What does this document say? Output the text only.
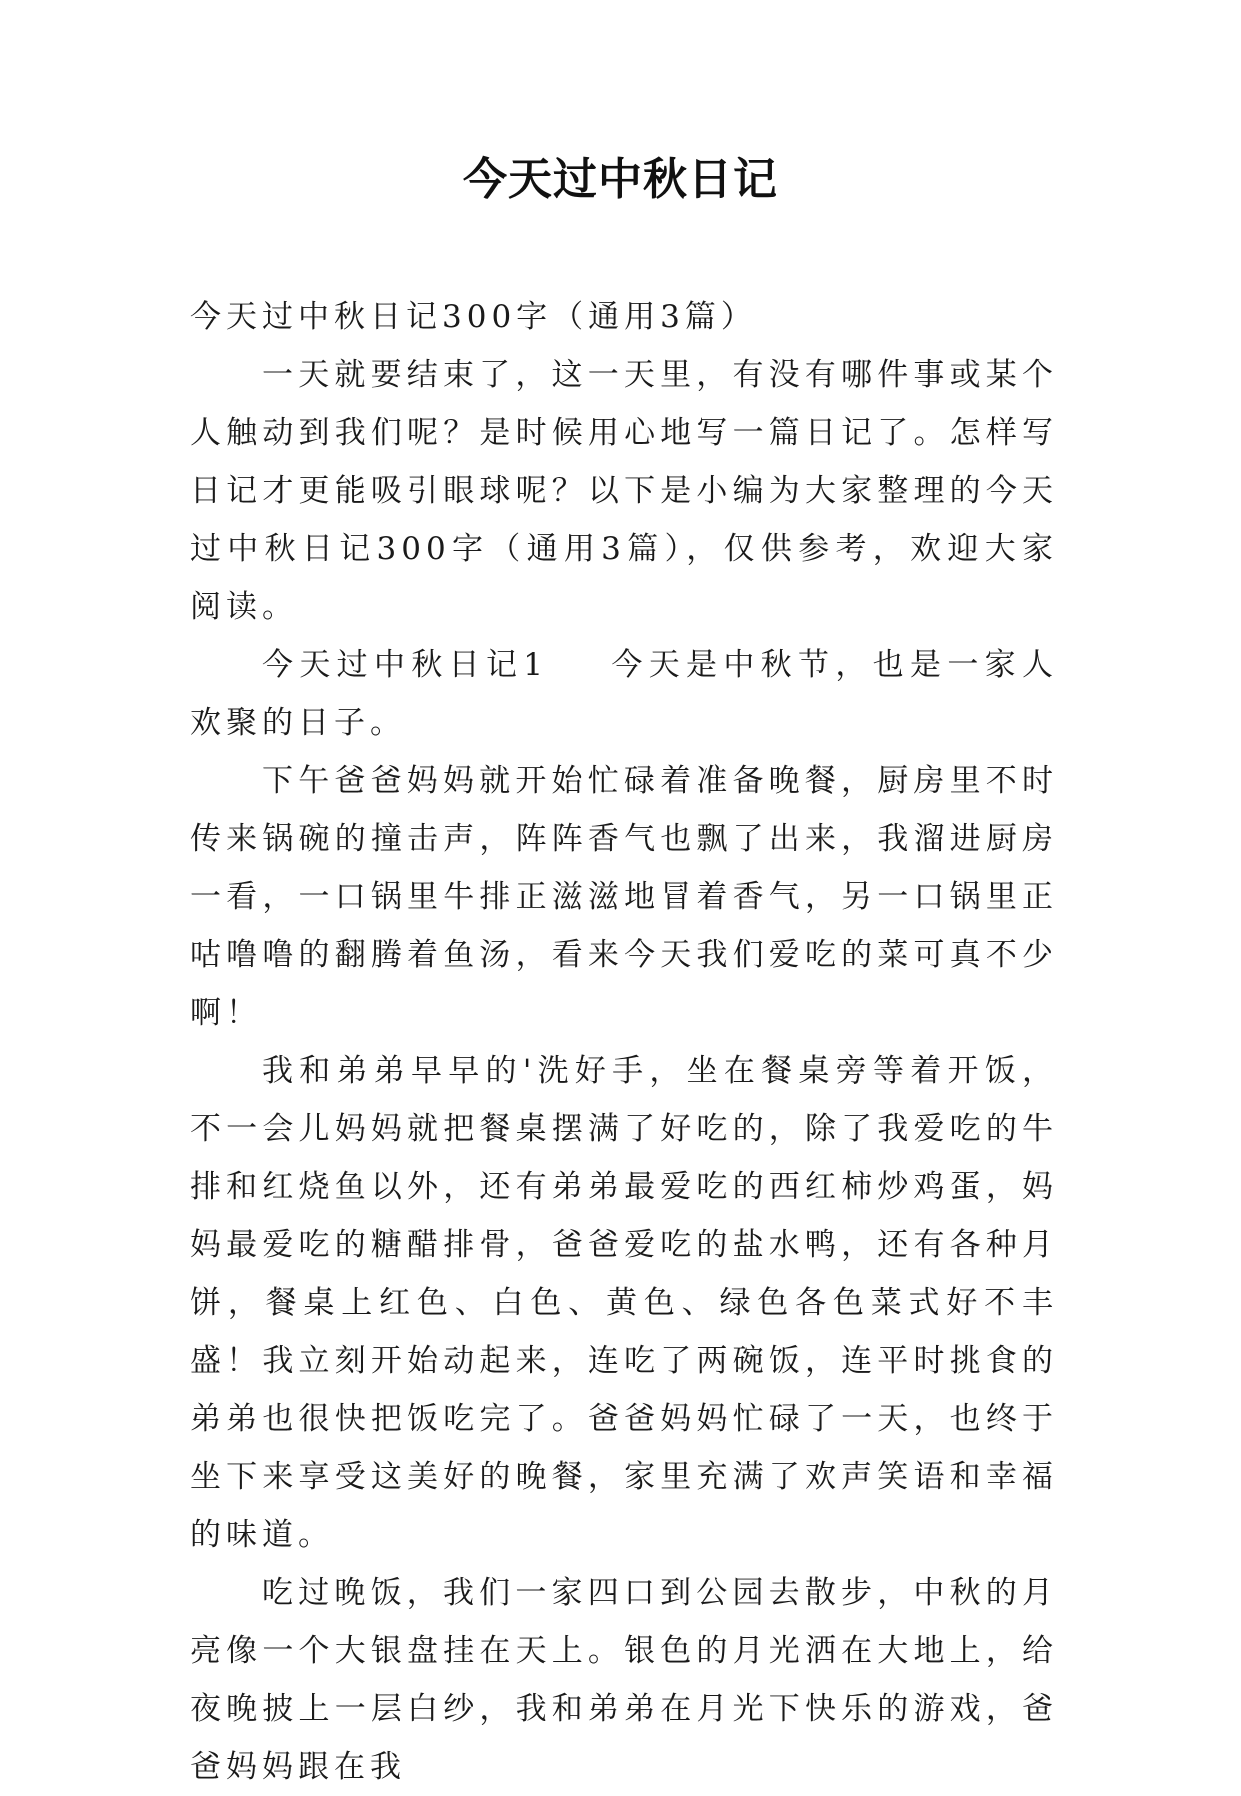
今天过中秋日记

今天过中秋日记300字（通用3篇）

一天就要结束了，这一天里，有没有哪件事或某个人触动到我们呢？是时候用心地写一篇日记了。怎样写日记才更能吸引眼球呢？以下是小编为大家整理的今天过中秋日记300字（通用3篇），仅供参考，欢迎大家阅读。

今天过中秋日记1 今天是中秋节，也是一家人欢聚的日子。

下午爸爸妈妈就开始忙碌着准备晚餐，厨房里不时传来锅碗的撞击声，阵阵香气也飘了出来，我溜进厨房一看，一口锅里牛排正滋滋地冒着香气，另一口锅里正咕噜噜的翻腾着鱼汤，看来今天我们爱吃的菜可真不少啊！

我和弟弟早早的'洗好手，坐在餐桌旁等着开饭，不一会儿妈妈就把餐桌摆满了好吃的，除了我爱吃的牛排和红烧鱼以外，还有弟弟最爱吃的西红柿炒鸡蛋，妈妈最爱吃的糖醋排骨，爸爸爱吃的盐水鸭，还有各种月饼，餐桌上红色、白色、黄色、绿色各色菜式好不丰盛！我立刻开始动起来，连吃了两碗饭，连平时挑食的弟弟也很快把饭吃完了。爸爸妈妈忙碌了一天，也终于坐下来享受这美好的晚餐，家里充满了欢声笑语和幸福的味道。

吃过晚饭，我们一家四口到公园去散步，中秋的月亮像一个大银盘挂在天上。银色的月光洒在大地上，给夜晚披上一层白纱，我和弟弟在月光下快乐的游戏，爸爸妈妈跟在我
